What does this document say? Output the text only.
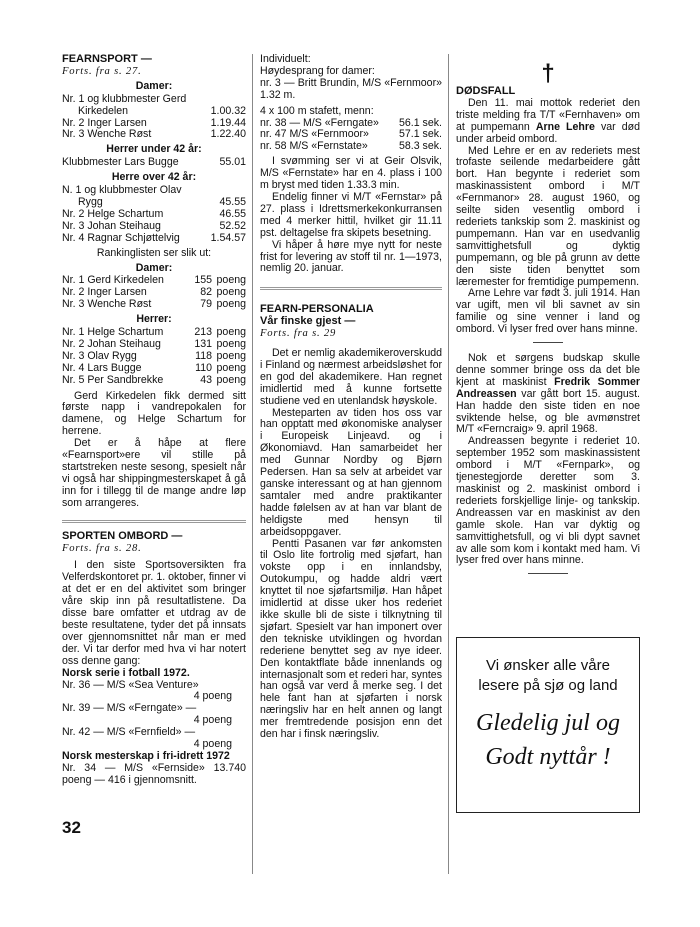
FEARNSPORT —
Forts. fra s. 27.
Damer:
Nr. 1 og klubbmester Gerd
Kirkedelen	1.00.32
Nr. 2 Inger Larsen	1.19.44
Nr. 3 Wenche Røst	1.22.40
Herrer under 42 år:
Klubbmester Lars Bugge	55.01
Herre over 42 år:
N. 1 og klubbmester Olav
Rygg	45.55
Nr. 2 Helge Schartum	46.55
Nr. 3 Johan Steihaug	52.52
Nr. 4 Ragnar Schjøttelvig	1.54.57
Rankinglisten ser slik ut:
Damer:
Nr. 1 Gerd Kirkedelen	155 poeng
Nr. 2 Inger Larsen	82 poeng
Nr. 3 Wenche Røst	79 poeng
Herrer:
Nr. 1 Helge Schartum	213 poeng
Nr. 2 Johan Steihaug	131 poeng
Nr. 3 Olav Rygg	118 poeng
Nr. 4 Lars Bugge	110 poeng
Nr. 5 Per Sandbrekke	43 poeng

Gerd Kirkedelen fikk dermed sitt første napp i vandrepokalen for damene, og Helge Schartum for herrene.

Det er å håpe at flere «Fearnsport»ere vil stille på startstreken neste sesong, spesielt når vi også har shippingmesterskapet å gå inn for i tillegg til de mange andre løp som arrangeres.

SPORTEN OMBORD —
Forts. fra s. 28.

I den siste Sportsoversikten fra Velferdskontoret pr. 1. oktober, finner vi at det er en del aktivitet som bringer våre skip inn på resultatlistene. Da disse bare omfatter et utdrag av de beste resultatene, tyder det på innsats over gjennomsnittet når man er med der. Vi tar derfor med hva vi har notert oss denne gang:

Norsk serie i fotball 1972.
Nr. 36 — M/S «Sea Venture»
4 poeng
Nr. 39 — M/S «Ferngate» —
4 poeng
Nr. 42 — M/S «Fernfield» —
4 poeng
Norsk mesterskap i fri-idrett 1972

Nr. 34 — M/S «Fernside» 13.740 poeng — 416 i gjennomsnitt.

32
Individuelt:

Høydesprang for damer:

nr. 3 — Britt Brundin, M/S «Fernmoor» 1.32 m.

4 x 100 m stafett, menn:
nr. 38 — M/S «Ferngate» 56.1 sek.
nr. 47 M/S «Fernmoor»	57.1 sek.
nr. 58 M/S «Fernstate»	58.3 sek.

I svømming ser vi at Geir Olsvik, M/S «Fernstate» har en 4. plass i 100 m bryst med tiden 1.33.3 min.

Endelig finner vi M/T «Fernstar» på 27. plass i Idrettsmerkekonkurransen med 4 merker hittil, hvilket gir 11.11 pst. deltagelse fra skipets besetning.

Vi håper å høre mye nytt for neste frist for levering av stoff til nr. 1—1973, nemlig 20. januar.

FEARN-PERSONALIA
Vår finske gjest —
Forts. fra s. 29

Det er nemlig akademikeroverskudd i Finland og nærmest arbeidsløshet for en god del akademikere. Han regnet imidlertid med å kunne fortsette studiene ved en utenlandsk høyskole.

Mesteparten av tiden hos oss var han opptatt med økonomiske analyser i Europeisk Linjeavd. og i Økonomiavd. Han samarbeidet her med Gunnar Nordby og Bjørn Pedersen. Han sa selv at arbeidet var ganske interessant og at han gjennom samtaler med andre praktikanter hadde følelsen av at han var blant de heldigste med hensyn til arbeidsoppgaver.

Pentti Pasanen var før ankomsten til Oslo lite fortrolig med sjøfart, han vokste opp i en innlandsby, Outokumpu, og hadde aldri vært knyttet til noe sjøfartsmiljø. Han håpet imidlertid at disse uker hos rederiet ikke skulle bli de siste i tilknytning til sjøfart. Spesielt var han imponert over den tekniske utviklingen og hvordan rederiene benyttet seg av nye ideer. Den kontaktflate både innenlands og internasjonalt som et rederi har, syntes han også var verd å merke seg. I det hele fant han at sjøfarten i norsk næringsliv har en helt annen og langt mer fremtredende posisjon enn det den har i finsk næringsliv.

†
DØDSFALL

Den 11. mai mottok rederiet den triste melding fra T/T «Fernhaven» om at pumpemann Arne Lehre var død under arbeid ombord.

Med Lehre er en av rederiets mest trofaste seilende medarbeidere gått bort. Han begynte i rederiet som maskinassistent ombord i M/T «Fernmanor» 28. august 1960, og seilte siden vesentlig ombord i rederiets tankskip som 2. maskinist og pumpemann. Han var en usedvanlig samvittighetsfull og dyktig pumpemann, og ble på grunn av dette den siste tiden benyttet som læremester for fremtidige pumpemenn.

Arne Lehre var født 3. juli 1914. Han var ugift, men vil bli savnet av sin familie og sine venner i land og ombord. Vi lyser fred over hans minne.

Nok et sørgens budskap skulle denne sommer bringe oss da det ble kjent at maskinist Fredrik Sommer Andreassen var gått bort 15. august. Han hadde den siste tiden en noe sviktende helse, og ble avmønstret M/T «Ferncraig» 9. april 1968.

Andreassen begynte i rederiet 10. september 1952 som maskinassistent ombord i M/T «Fernpark», og tjenestegjorde deretter som 3. maskinist og 2. maskinist ombord i rederiets forskjellige linje- og tankskip. Andreassen var en maskinist av den gamle skole. Han var dyktig og samvittighetsfull, og vi bli dypt savnet av alle som kom i kontakt med ham. Vi lyser fred over hans minne.

Vi ønsker alle våre
lesere på sjø og land
Gledelig jul og
Godt nyttår !
